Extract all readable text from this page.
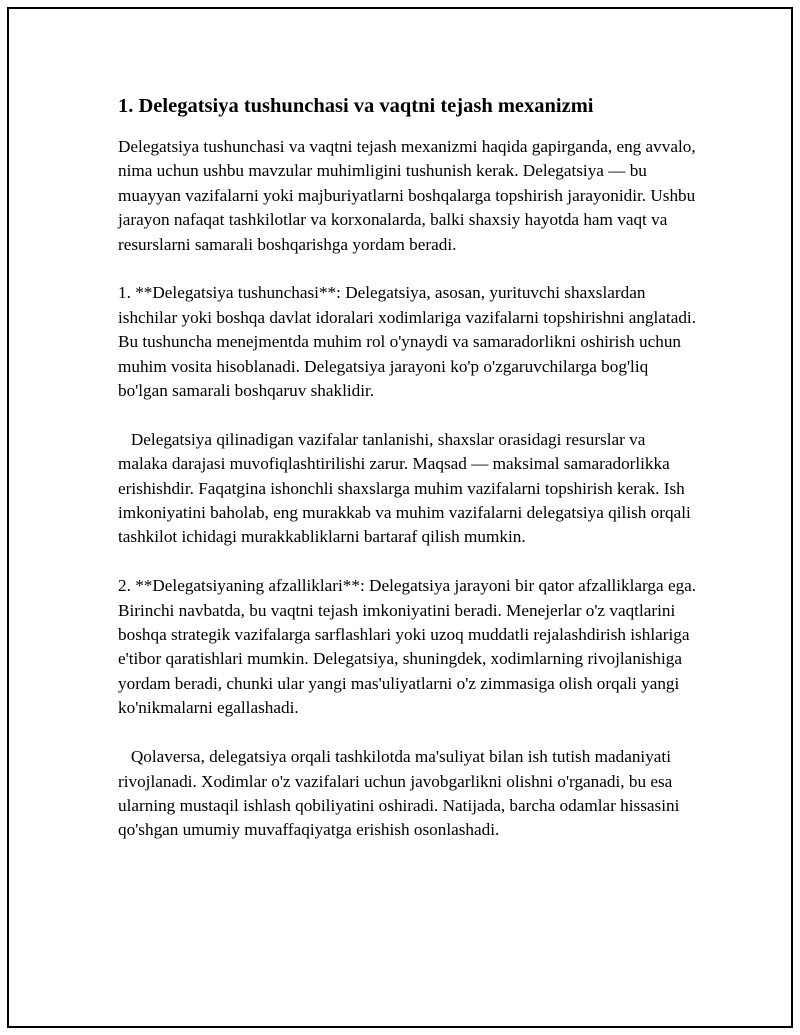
1. Delegatsiya tushunchasi va vaqtni tejash mexanizmi

Delegatsiya tushunchasi va vaqtni tejash mexanizmi haqida gapirganda, eng avvalo, nima uchun ushbu mavzular muhimligini tushunish kerak. Delegatsiya — bu muayyan vazifalarni yoki majburiyatlarni boshqalarga topshirish jarayonidir. Ushbu jarayon nafaqat tashkilotlar va korxonalarda, balki shaxsiy hayotda ham vaqt va resurslarni samarali boshqarishga yordam beradi.

1. **Delegatsiya tushunchasi**: Delegatsiya, asosan, yurituvchi shaxslardan ishchilar yoki boshqa davlat idoralari xodimlariga vazifalarni topshirishni anglatadi. Bu tushuncha menejmentda muhim rol o'ynaydi va samaradorlikni oshirish uchun muhim vosita hisoblanadi. Delegatsiya jarayoni ko'p o'zgaruvchilarga bog'liq bo'lgan samarali boshqaruv shaklidir.

Delegatsiya qilinadigan vazifalar tanlanishi, shaxslar orasidagi resurslar va malaka darajasi muvofiqlashtirilishi zarur. Maqsad — maksimal samaradorlikka erishishdir. Faqatgina ishonchli shaxslarga muhim vazifalarni topshirish kerak. Ish imkoniyatini baholab, eng murakkab va muhim vazifalarni delegatsiya qilish orqali tashkilot ichidagi murakkabliklarni bartaraf qilish mumkin.

2. **Delegatsiyaning afzalliklari**: Delegatsiya jarayoni bir qator afzalliklarga ega. Birinchi navbatda, bu vaqtni tejash imkoniyatini beradi. Menejerlar o'z vaqtlarini boshqa strategik vazifalarga sarflashlari yoki uzoq muddatli rejalashdirish ishlariga e'tibor qaratishlari mumkin. Delegatsiya, shuningdek, xodimlarning rivojlanishiga yordam beradi, chunki ular yangi mas'uliyatlarni o'z zimmasiga olish orqali yangi ko'nikmalarni egallashadi.

Qolaversa, delegatsiya orqali tashkilotda ma'suliyat bilan ish tutish madaniyati rivojlanadi. Xodimlar o'z vazifalari uchun javobgarlikni olishni o'rganadi, bu esa ularning mustaqil ishlash qobiliyatini oshiradi. Natijada, barcha odamlar hissasini qo'shgan umumiy muvaffaqiyatga erishish osonlashadi.
